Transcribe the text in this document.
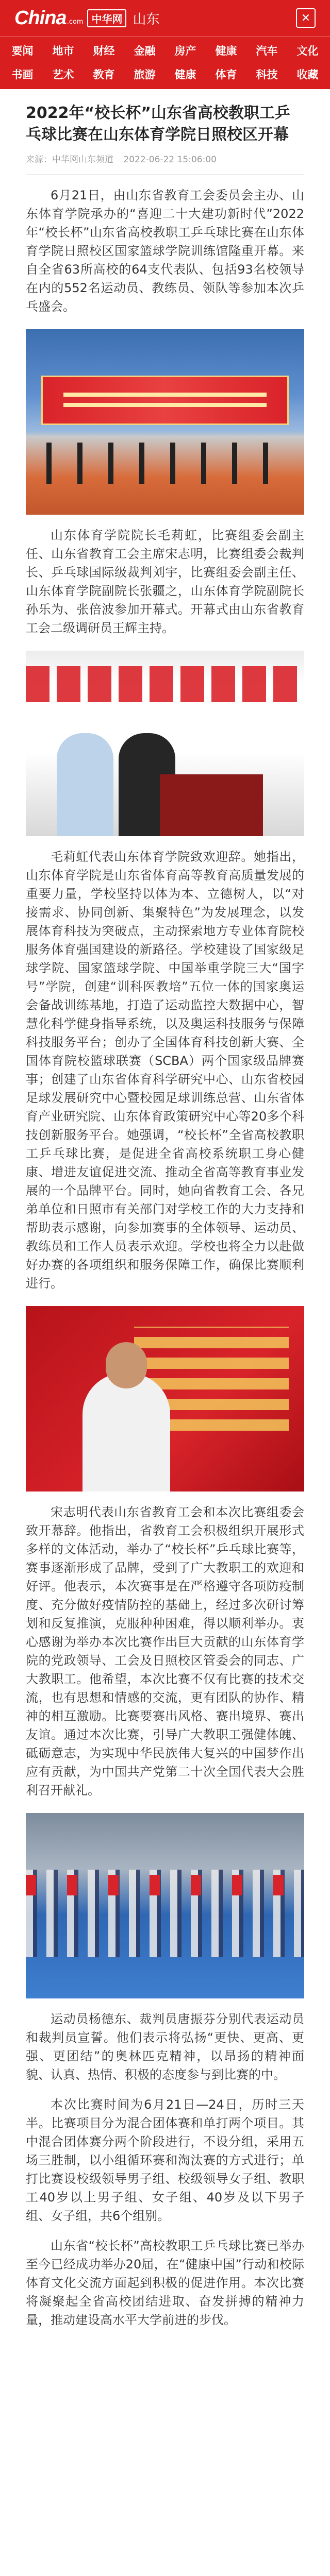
China .com 中华网 山东	✕
要闻	地市	财经	金融	房产	健康	汽车	文化
书画	艺术	教育	旅游	健康	体育	科技	收藏
2022年“校长杯”山东省高校教职工乒乓球比赛在山东体育学院日照校区开幕
来源：中华网山东频道 2022-06-22 15:06:00

6月21日，由山东省教育工会委员会主办、山东体育学院承办的“喜迎二十大建功新时代”2022年“校长杯”山东省高校教职工乒乓球比赛在山东体育学院日照校区国家篮球学院训练馆隆重开幕。来自全省63所高校的64支代表队、包括93名校领导在内的552名运动员、教练员、领队等参加本次乒乓盛会。

山东体育学院院长毛莉虹，比赛组委会副主任、山东省教育工会主席宋志明，比赛组委会裁判长、乒乓球国际级裁判刘宇，比赛组委会副主任、山东体育学院副院长张疆之，山东体育学院副院长孙乐为、张倍波参加开幕式。开幕式由山东省教育工会二级调研员王辉主持。

毛莉虹代表山东体育学院致欢迎辞。她指出，山东体育学院是山东省体育高等教育高质量发展的重要力量，学校坚持以体为本、立德树人，以“对接需求、协同创新、集聚特色”为发展理念，以发展体育科技为突破点，主动探索地方专业体育院校服务体育强国建设的新路径。学校建设了国家级足球学院、国家篮球学院、中国举重学院三大“国字号”学院，创建“训科医教培”五位一体的国家奥运会备战训练基地，打造了运动监控大数据中心，智慧化科学健身指导系统，以及奥运科技服务与保障科技服务平台；创办了全国体育科技创新大赛、全国体育院校篮球联赛（SCBA）两个国家级品牌赛事；创建了山东省体育科学研究中心、山东省校园足球发展研究中心暨校园足球训练总营、山东省体育产业研究院、山东体育政策研究中心等20多个科技创新服务平台。她强调，“校长杯”全省高校教职工乒乓球比赛，是促进全省高校系统职工身心健康、增进友谊促进交流、推动全省高等教育事业发展的一个品牌平台。同时，她向省教育工会、各兄弟单位和日照市有关部门对学校工作的大力支持和帮助表示感谢，向参加赛事的全体领导、运动员、教练员和工作人员表示欢迎。学校也将全力以赴做好办赛的各项组织和服务保障工作，确保比赛顺利进行。

宋志明代表山东省教育工会和本次比赛组委会致开幕辞。他指出，省教育工会积极组织开展形式多样的文体活动，举办了“校长杯”乒乓球比赛等，赛事逐渐形成了品牌，受到了广大教职工的欢迎和好评。他表示，本次赛事是在严格遵守各项防疫制度、充分做好疫情防控的基础上，经过多次研讨筹划和反复推演，克服种种困难，得以顺利举办。衷心感谢为举办本次比赛作出巨大贡献的山东体育学院的党政领导、工会及日照校区管委会的同志、广大教职工。他希望，本次比赛不仅有比赛的技术交流，也有思想和情感的交流，更有团队的协作、精神的相互激励。比赛要赛出风格、赛出境界、赛出友谊。通过本次比赛，引导广大教职工强健体魄、砥砺意志，为实现中华民族伟大复兴的中国梦作出应有贡献，为中国共产党第二十次全国代表大会胜利召开献礼。

运动员杨德东、裁判员唐振芬分别代表运动员和裁判员宣誓。他们表示将弘扬“更快、更高、更强、更团结”的奥林匹克精神，以昂扬的精神面貌、认真、热情、积极的态度参与到比赛的中。

本次比赛时间为6月21日—24日，历时三天半。比赛项目分为混合团体赛和单打两个项目。其中混合团体赛分两个阶段进行，不设分组，采用五场三胜制，以小组循环赛和淘汰赛的方式进行；单打比赛设校级领导男子组、校级领导女子组、教职工40岁以上男子组、女子组、40岁及以下男子组、女子组，共6个组别。

山东省“校长杯”高校教职工乒乓球比赛已举办至今已经成功举办20届，在“健康中国”行动和校际体育文化交流方面起到积极的促进作用。本次比赛将凝聚起全省高校团结进取、奋发拼搏的精神力量，推动建设高水平大学前进的步伐。
